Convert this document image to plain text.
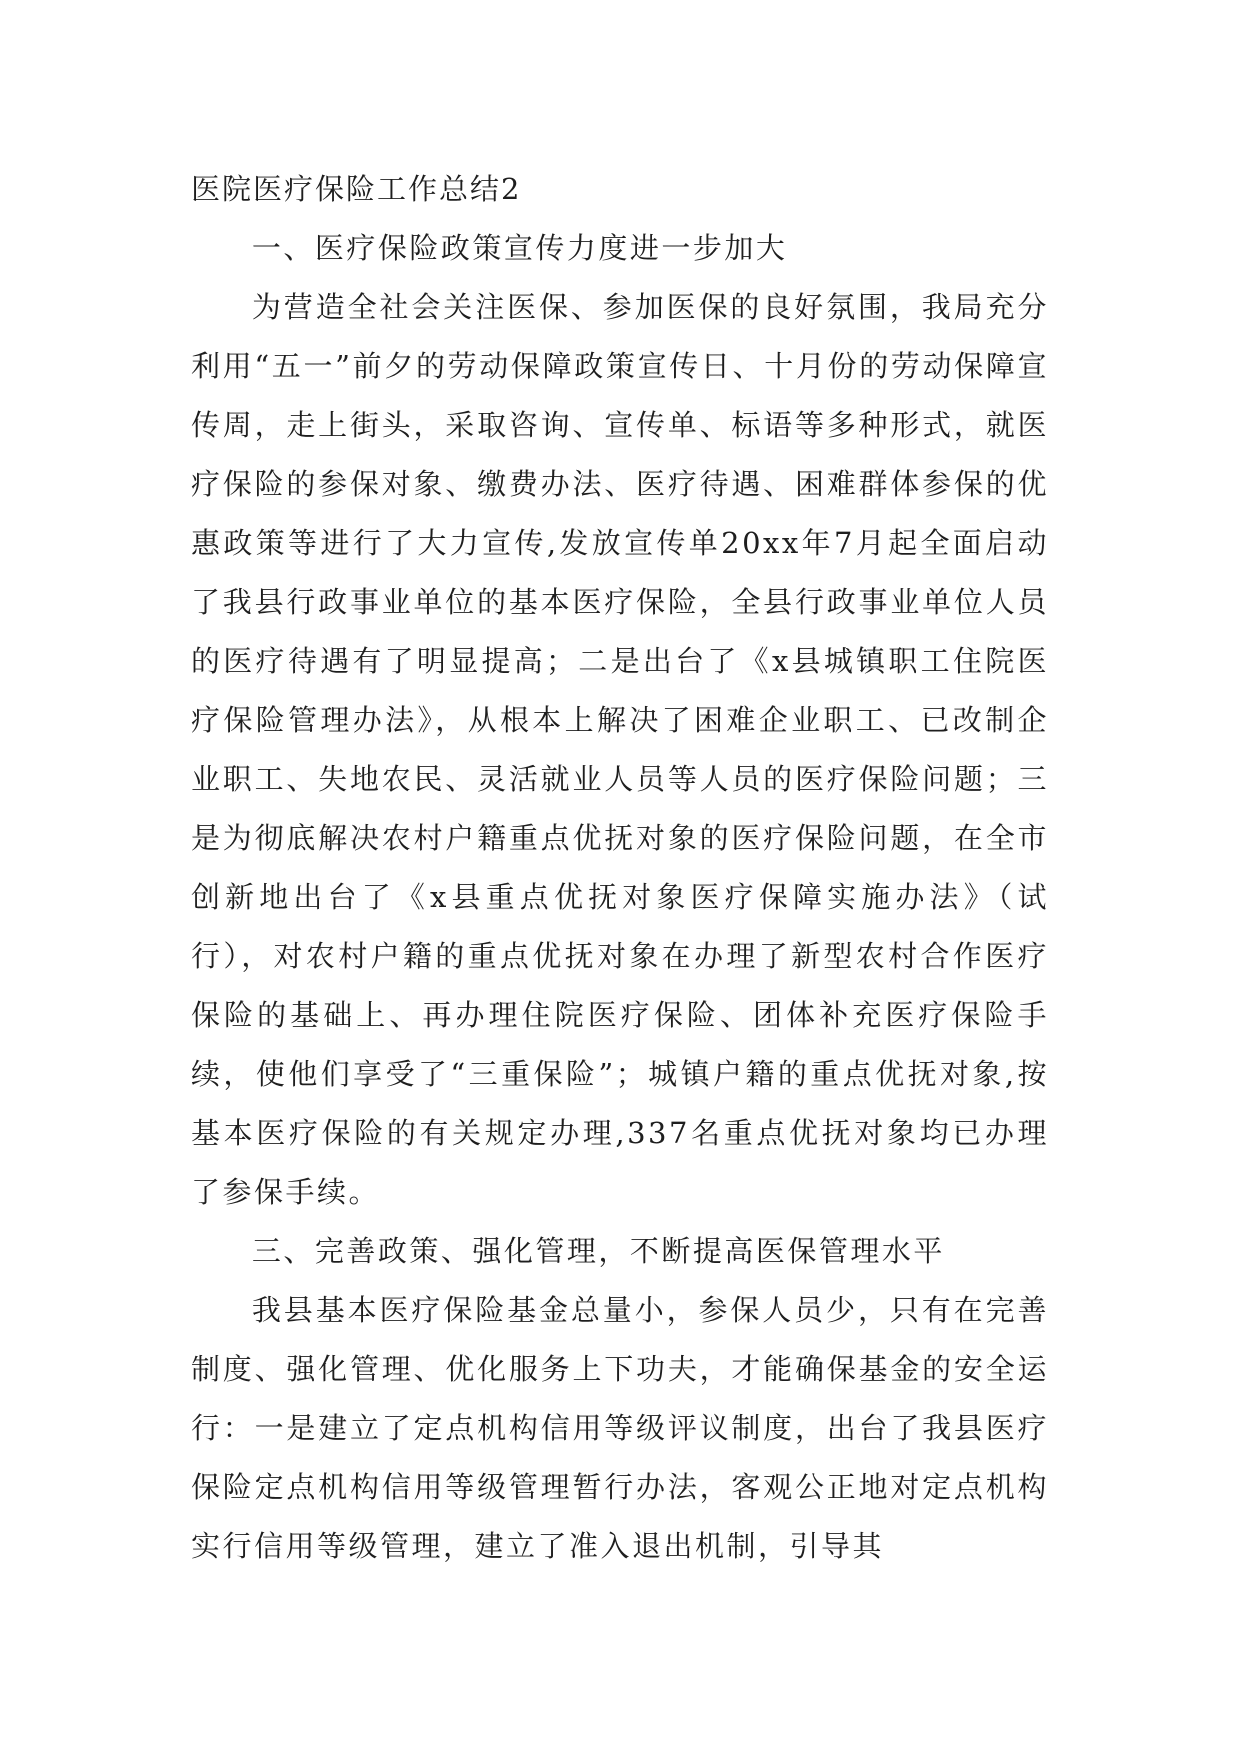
医院医疗保险工作总结2

一、医疗保险政策宣传力度进一步加大

为营造全社会关注医保、参加医保的良好氛围，我局充分利用“五一”前夕的劳动保障政策宣传日、十月份的劳动保障宣传周，走上街头，采取咨询、宣传单、标语等多种形式，就医疗保险的参保对象、缴费办法、医疗待遇、困难群体参保的优惠政策等进行了大力宣传,发放宣传单20xx年7月起全面启动了我县行政事业单位的基本医疗保险，全县行政事业单位人员的医疗待遇有了明显提高；二是出台了《x县城镇职工住院医疗保险管理办法》，从根本上解决了困难企业职工、已改制企业职工、失地农民、灵活就业人员等人员的医疗保险问题；三是为彻底解决农村户籍重点优抚对象的医疗保险问题，在全市创新地出台了《x县重点优抚对象医疗保障实施办法》（试行），对农村户籍的重点优抚对象在办理了新型农村合作医疗保险的基础上、再办理住院医疗保险、团体补充医疗保险手续，使他们享受了“三重保险”；城镇户籍的重点优抚对象,按基本医疗保险的有关规定办理,337名重点优抚对象均已办理了参保手续。

三、完善政策、强化管理，不断提高医保管理水平

我县基本医疗保险基金总量小，参保人员少，只有在完善制度、强化管理、优化服务上下功夫，才能确保基金的安全运行：一是建立了定点机构信用等级评议制度，出台了我县医疗保险定点机构信用等级管理暂行办法，客观公正地对定点机构实行信用等级管理，建立了准入退出机制，引导其
